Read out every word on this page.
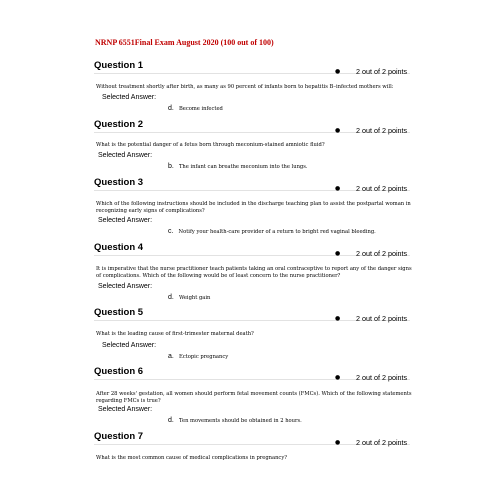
NRNP 6551Final Exam August 2020 (100 out of 100)
Question 1
● 2 out of 2 points
Without treatment shortly after birth, as many as 90 percent of infants born to hepatitis B–infected mothers will:
Selected Answer:
d. Become infected
Question 2
● 2 out of 2 points
What is the potential danger of a fetus born through meconium-stained amniotic fluid?
Selected Answer:
b. The infant can breathe meconium into the lungs.
Question 3
● 2 out of 2 points
Which of the following instructions should be included in the discharge teaching plan to assist the postpartal woman in recognizing early signs of complications?
Selected Answer:
c. Notify your health-care provider of a return to bright red vaginal bleeding.
Question 4
● 2 out of 2 points
It is imperative that the nurse practitioner teach patients taking an oral contraceptive to report any of the danger signs of complications. Which of the following would be of least concern to the nurse practitioner?
Selected Answer:
d. Weight gain
Question 5
● 2 out of 2 points
What is the leading cause of first-trimester maternal death?
Selected Answer:
a. Ectopic pregnancy
Question 6
● 2 out of 2 points
After 28 weeks' gestation, all women should perform fetal movement counts (FMCs). Which of the following statements regarding FMCs is true?
Selected Answer:
d. Ten movements should be obtained in 2 hours.
Question 7
● 2 out of 2 points
What is the most common cause of medical complications in pregnancy?
